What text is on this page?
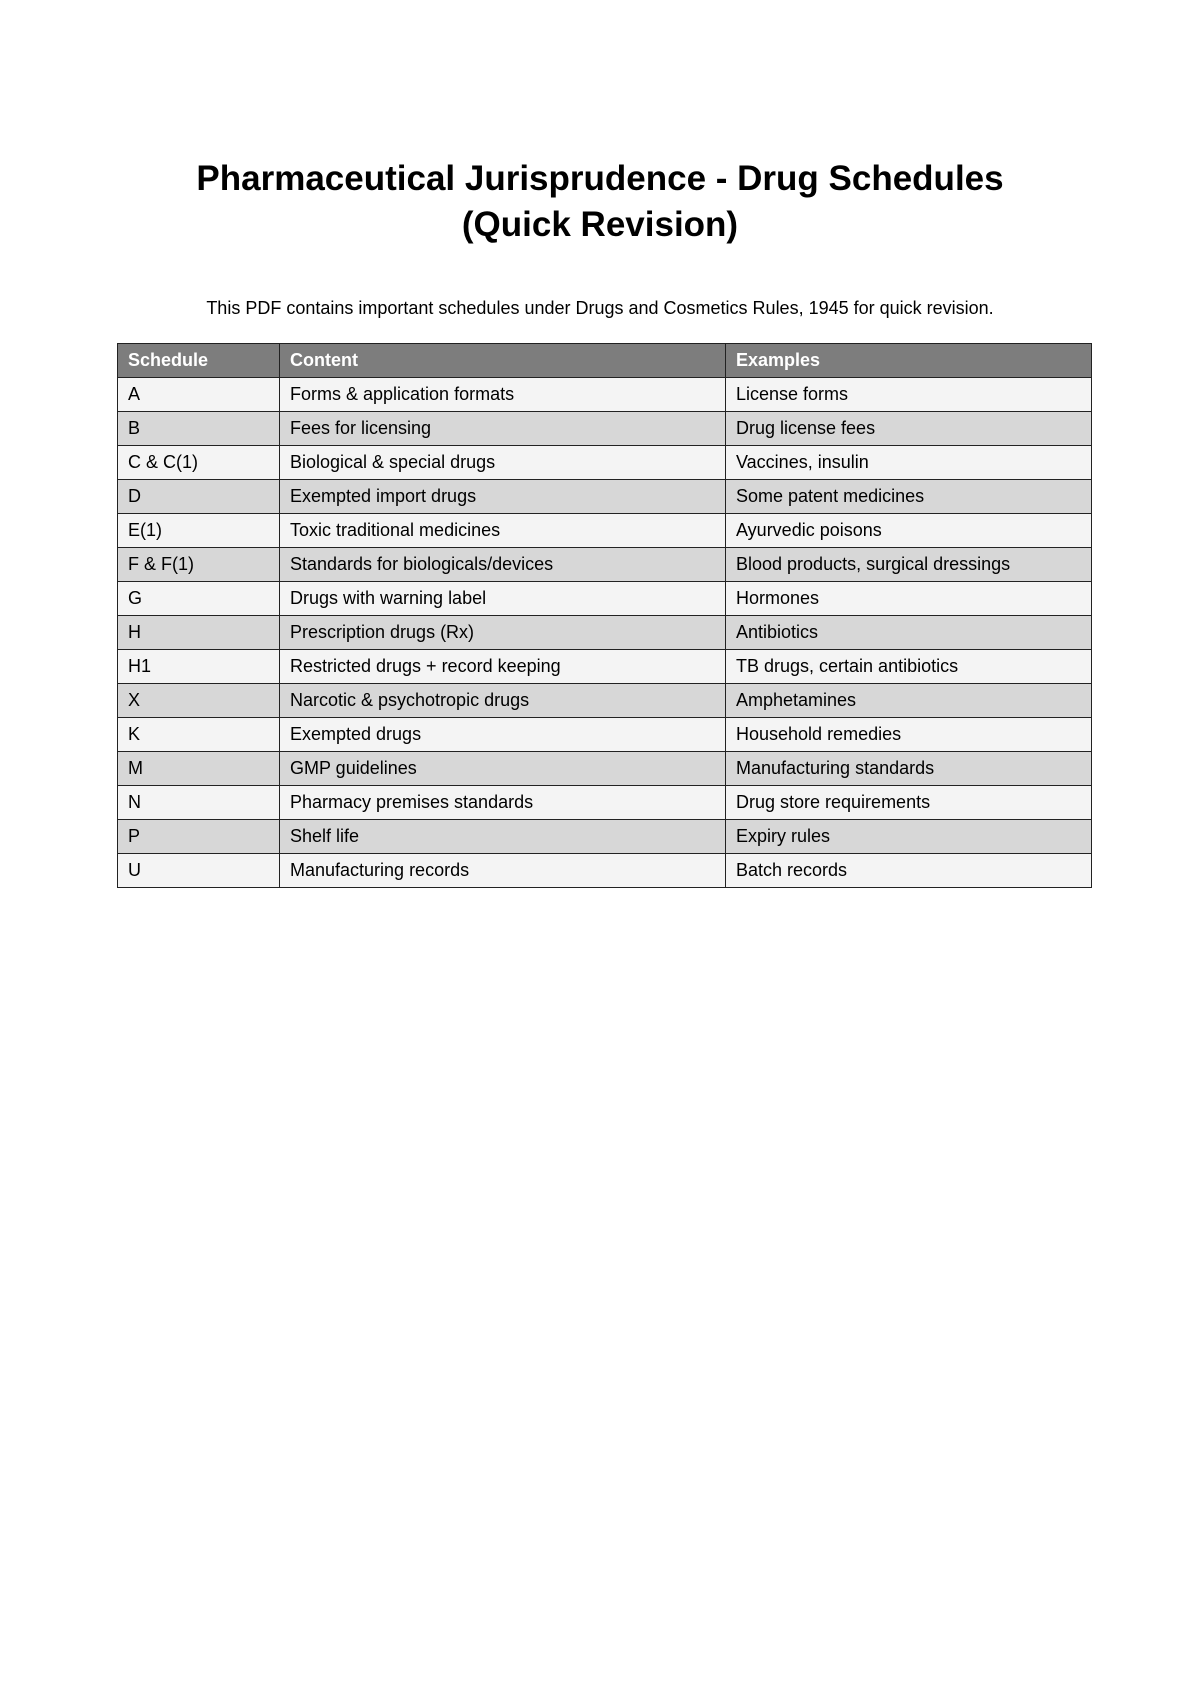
Pharmaceutical Jurisprudence - Drug Schedules
(Quick Revision)

This PDF contains important schedules under Drugs and Cosmetics Rules, 1945 for quick revision.

Schedule	Content	Examples
A	Forms & application formats	License forms
B	Fees for licensing	Drug license fees
C & C(1)	Biological & special drugs	Vaccines, insulin
D	Exempted import drugs	Some patent medicines
E(1)	Toxic traditional medicines	Ayurvedic poisons
F & F(1)	Standards for biologicals/devices	Blood products, surgical dressings
G	Drugs with warning label	Hormones
H	Prescription drugs (Rx)	Antibiotics
H1	Restricted drugs + record keeping	TB drugs, certain antibiotics
X	Narcotic & psychotropic drugs	Amphetamines
K	Exempted drugs	Household remedies
M	GMP guidelines	Manufacturing standards
N	Pharmacy premises standards	Drug store requirements
P	Shelf life	Expiry rules
U	Manufacturing records	Batch records
